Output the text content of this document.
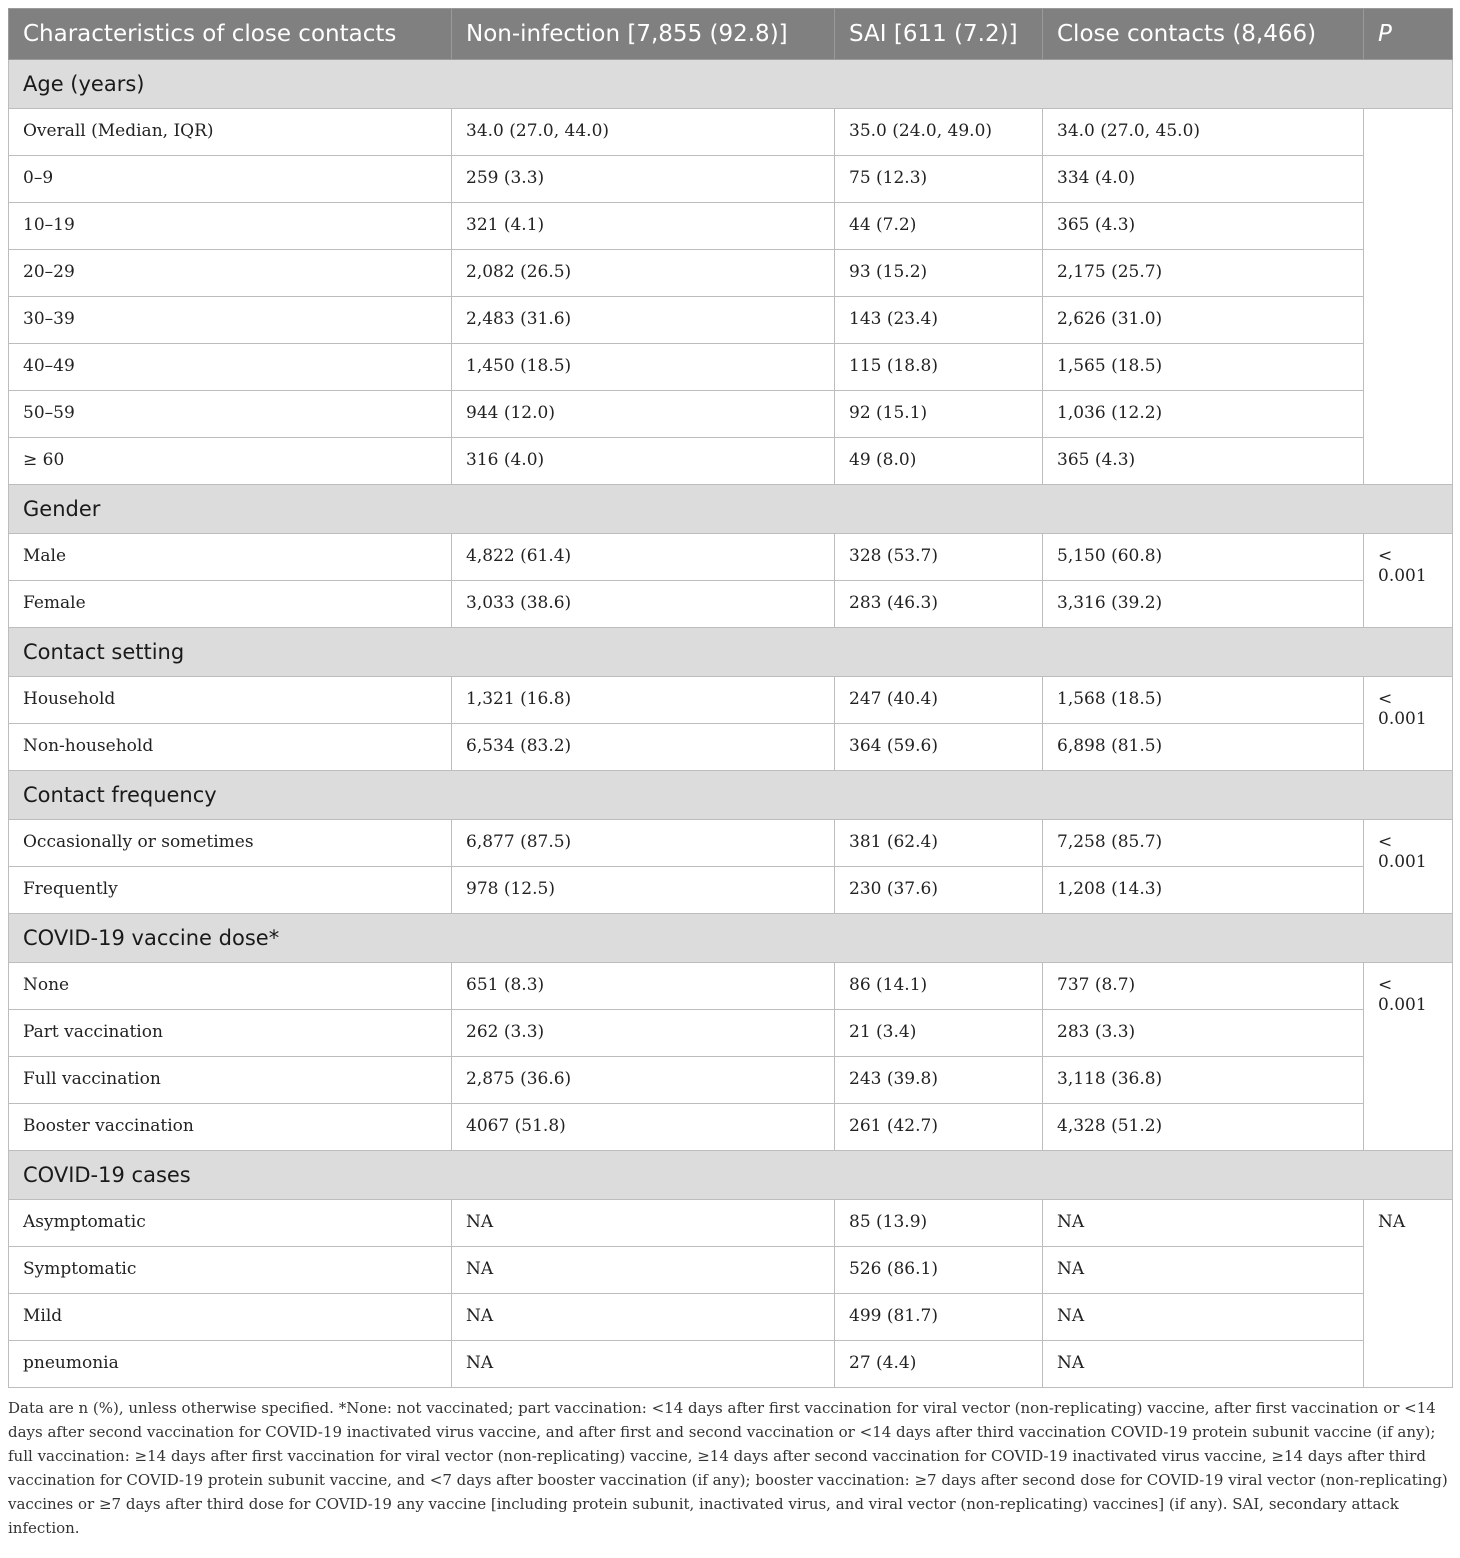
Characteristics of close contacts	Non-infection [7,855 (92.8)]	SAI [611 (7.2)]	Close contacts (8,466)	P
Age (years)				
Overall (Median, IQR)	34.0 (27.0, 44.0)	35.0 (24.0, 49.0)	34.0 (27.0, 45.0)	
0–9	259 (3.3)	75 (12.3)	334 (4.0)	
10–19	321 (4.1)	44 (7.2)	365 (4.3)	
20–29	2,082 (26.5)	93 (15.2)	2,175 (25.7)	
30–39	2,483 (31.6)	143 (23.4)	2,626 (31.0)	
40–49	1,450 (18.5)	115 (18.8)	1,565 (18.5)	
50–59	944 (12.0)	92 (15.1)	1,036 (12.2)	
≥ 60	316 (4.0)	49 (8.0)	365 (4.3)	
Gender				
Male	4,822 (61.4)	328 (53.7)	5,150 (60.8)	< 0.001
Female	3,033 (38.6)	283 (46.3)	3,316 (39.2)	
Contact setting				
Household	1,321 (16.8)	247 (40.4)	1,568 (18.5)	< 0.001
Non-household	6,534 (83.2)	364 (59.6)	6,898 (81.5)	
Contact frequency				
Occasionally or sometimes	6,877 (87.5)	381 (62.4)	7,258 (85.7)	< 0.001
Frequently	978 (12.5)	230 (37.6)	1,208 (14.3)	
COVID-19 vaccine dose*				
None	651 (8.3)	86 (14.1)	737 (8.7)	< 0.001
Part vaccination	262 (3.3)	21 (3.4)	283 (3.3)	
Full vaccination	2,875 (36.6)	243 (39.8)	3,118 (36.8)	
Booster vaccination	4067 (51.8)	261 (42.7)	4,328 (51.2)	
COVID-19 cases				
Asymptomatic	NA	85 (13.9)	NA	NA
Symptomatic	NA	526 (86.1)	NA	
Mild	NA	499 (81.7)	NA	
pneumonia	NA	27 (4.4)	NA	
Data are n (%), unless otherwise specified. *None: not vaccinated; part vaccination: <14 days after first vaccination for viral vector (non-replicating) vaccine, after first vaccination or <14 days after second vaccination for COVID-19 inactivated virus vaccine, and after first and second vaccination or <14 days after third vaccination COVID-19 protein subunit vaccine (if any); full vaccination: ≥14 days after first vaccination for viral vector (non-replicating) vaccine, ≥14 days after second vaccination for COVID-19 inactivated virus vaccine, ≥14 days after third vaccination for COVID-19 protein subunit vaccine, and <7 days after booster vaccination (if any); booster vaccination: ≥7 days after second dose for COVID-19 viral vector (non-replicating) vaccines or ≥7 days after third dose for COVID-19 any vaccine [including protein subunit, inactivated virus, and viral vector (non-replicating) vaccines] (if any). SAI, secondary attack infection.
